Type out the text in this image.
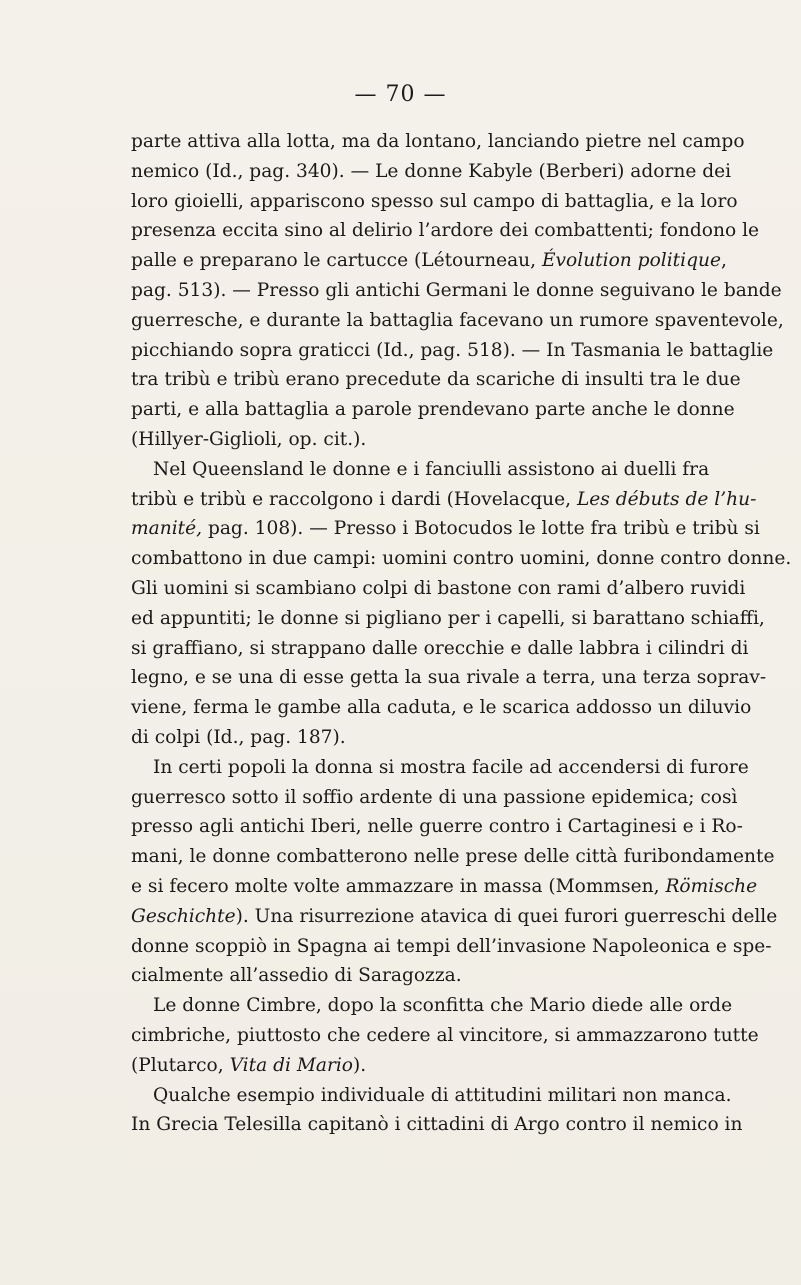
— 70 —
parte attiva alla lotta, ma da lontano, lanciando pietre nel campo
nemico (Id., pag. 340). — Le donne Kabyle (Berberi) adorne dei
loro gioielli, appariscono spesso sul campo di battaglia, e la loro
presenza eccita sino al delirio l’ardore dei combattenti; fondono le
palle e preparano le cartucce (Létourneau, Évolution politique,
pag. 513). — Presso gli antichi Germani le donne seguivano le bande
guerresche, e durante la battaglia facevano un rumore spaventevole,
picchiando sopra graticci (Id., pag. 518). — In Tasmania le battaglie
tra tribù e tribù erano precedute da scariche di insulti tra le due
parti, e alla battaglia a parole prendevano parte anche le donne
(Hillyer-Giglioli, op. cit.).
Nel Queensland le donne e i fanciulli assistono ai duelli fra
tribù e tribù e raccolgono i dardi (Hovelacque, Les débuts de l’hu-
manité, pag. 108). — Presso i Botocudos le lotte fra tribù e tribù si
combattono in due campi: uomini contro uomini, donne contro donne.
Gli uomini si scambiano colpi di bastone con rami d’albero ruvidi
ed appuntiti; le donne si pigliano per i capelli, si barattano schiaffi,
si graffiano, si strappano dalle orecchie e dalle labbra i cilindri di
legno, e se una di esse getta la sua rivale a terra, una terza soprav-
viene, ferma le gambe alla caduta, e le scarica addosso un diluvio
di colpi (Id., pag. 187).
In certi popoli la donna si mostra facile ad accendersi di furore
guerresco sotto il soffio ardente di una passione epidemica; così
presso agli antichi Iberi, nelle guerre contro i Cartaginesi e i Ro-
mani, le donne combatterono nelle prese delle città furibondamente
e si fecero molte volte ammazzare in massa (Mommsen, Römische
Geschichte). Una risurrezione atavica di quei furori guerreschi delle
donne scoppiò in Spagna ai tempi dell’invasione Napoleonica e spe-
cialmente all’assedio di Saragozza.
Le donne Cimbre, dopo la sconfitta che Mario diede alle orde
cimbriche, piuttosto che cedere al vincitore, si ammazzarono tutte
(Plutarco, Vita di Mario).
Qualche esempio individuale di attitudini militari non manca.
In Grecia Telesilla capitanò i cittadini di Argo contro il nemico in
